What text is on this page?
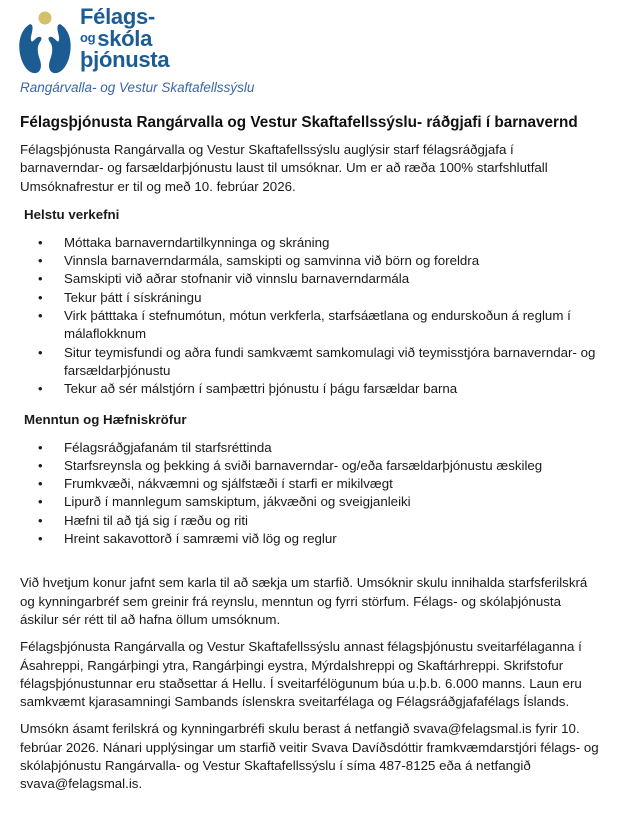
Félags-
ogskóla
þjónusta
Rangárvalla- og Vestur Skaftafellssýslu
Félagsþjónusta Rangárvalla og Vestur Skaftafellssýslu- ráðgjafi í barnavernd

Félagsþjónusta Rangárvalla og Vestur Skaftafellssýslu auglýsir starf félagsráðgjafa í
barnaverndar- og farsældarþjónustu laust til umsóknar. Um er að ræða 100% starfshlutfall
Umsóknafrestur er til og með 10. febrúar 2026.

Helstu verkefni
• Móttaka barnaverndartilkynninga og skráning
• Vinnsla barnaverndarmála, samskipti og samvinna við börn og foreldra
• Samskipti við aðrar stofnanir við vinnslu barnaverndarmála
• Tekur þátt í sískráningu
• Virk þátttaka í stefnumótun, mótun verkferla, starfsáætlana og endurskoðun á reglum í málaflokknum
• Situr teymisfundi og aðra fundi samkvæmt samkomulagi við teymisstjóra barnaverndar- og farsældarþjónustu
• Tekur að sér málstjórn í samþættri þjónustu í þágu farsældar barna
Menntun og Hæfniskröfur
• Félagsráðgjafanám til starfsréttinda
• Starfsreynsla og þekking á sviði barnaverndar- og/eða farsældarþjónustu æskileg
• Frumkvæði, nákvæmni og sjálfstæði í starfi er mikilvægt
• Lipurð í mannlegum samskiptum, jákvæðni og sveigjanleiki
• Hæfni til að tjá sig í ræðu og riti
• Hreint sakavottorð í samræmi við lög og reglur

Við hvetjum konur jafnt sem karla til að sækja um starfið. Umsóknir skulu innihalda starfsferilskrá og kynningarbréf sem greinir frá reynslu, menntun og fyrri störfum. Félags- og skólaþjónusta áskilur sér rétt til að hafna öllum umsóknum.

Félagsþjónusta Rangárvalla og Vestur Skaftafellssýslu annast félagsþjónustu sveitarfélaganna í Ásahreppi, Rangárþingi ytra, Rangárþingi eystra, Mýrdalshreppi og Skaftárhreppi. Skrifstofur félagsþjónustunnar eru staðsettar á Hellu. Í sveitarfélögunum búa u.þ.b. 6.000 manns. Laun eru samkvæmt kjarasamningi Sambands íslenskra sveitarfélaga og Félagsráðgjafafélags Íslands.

Umsókn ásamt ferilskrá og kynningarbréfi skulu berast á netfangið svava@felagsmal.is fyrir 10. febrúar 2026. Nánari upplýsingar um starfið veitir Svava Davíðsdóttir framkvæmdarstjóri félags- og skólaþjónustu Rangárvalla- og Vestur Skaftafellssýslu í síma 487-8125 eða á netfangið svava@felagsmal.is.
